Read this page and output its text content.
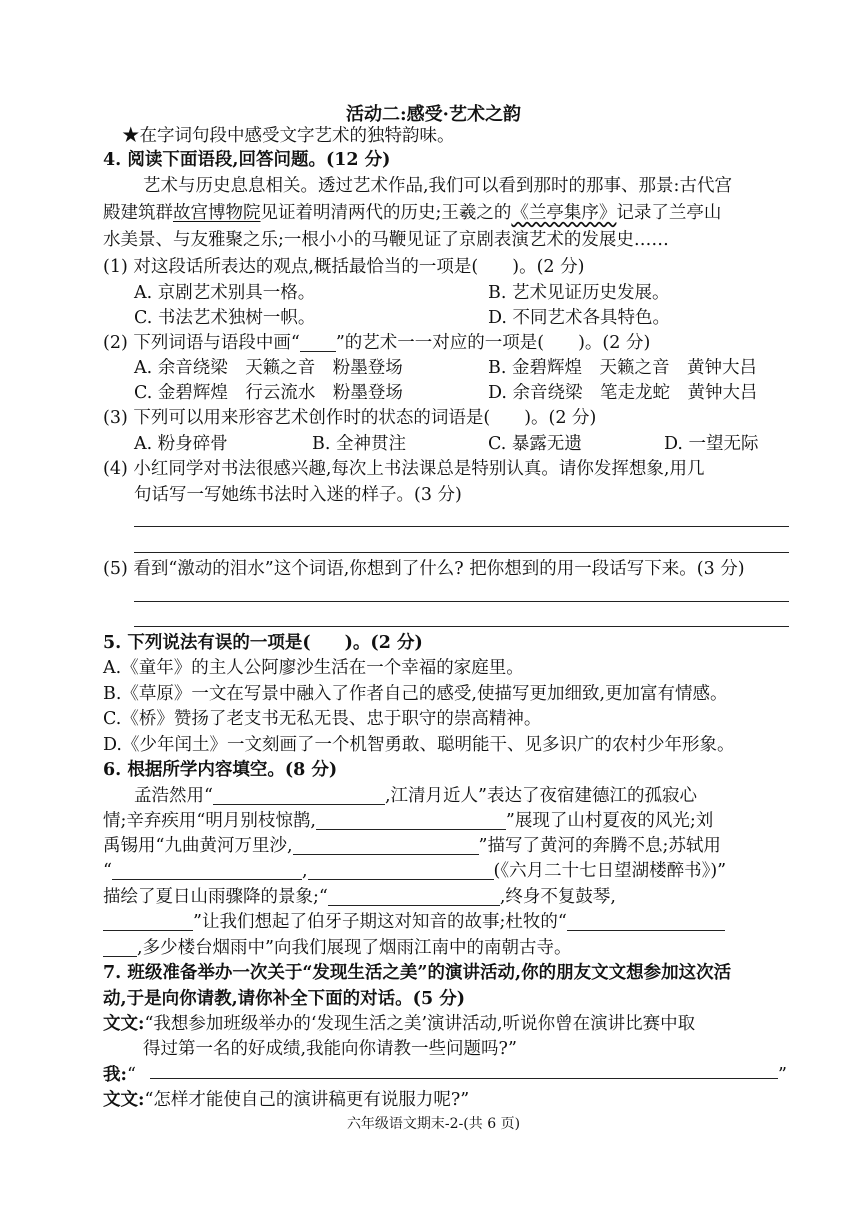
活动二:感受·艺术之韵
★在字词句段中感受文字艺术的独特韵味。
4. 阅读下面语段,回答问题。(12 分)
艺术与历史息息相关。透过艺术作品,我们可以看到那时的那事、那景:古代宫
殿建筑群故宫博物院见证着明清两代的历史;王羲之的《兰亭集序》记录了兰亭山
水美景、与友雅聚之乐;一根小小的马鞭见证了京剧表演艺术的发展史……
(1) 对这段话所表达的观点,概括最恰当的一项是( )。(2 分)
A. 京剧艺术别具一格。	B. 艺术见证历史发展。
C. 书法艺术独树一帜。	D. 不同艺术各具特色。
(2) 下列词语与语段中画“ ”的艺术一一对应的一项是( )。(2 分)
A. 余音绕梁　天籁之音　粉墨登场	B. 金碧辉煌　天籁之音　黄钟大吕
C. 金碧辉煌　行云流水　粉墨登场	D. 余音绕梁　笔走龙蛇　黄钟大吕
(3) 下列可以用来形容艺术创作时的状态的词语是( )。(2 分)
A. 粉身碎骨	B. 全神贯注	C. 暴露无遗	D. 一望无际
(4) 小红同学对书法很感兴趣,每次上书法课总是特别认真。请你发挥想象,用几
句话写一写她练书法时入迷的样子。(3 分)
(5) 看到“激动的泪水”这个词语,你想到了什么? 把你想到的用一段话写下来。(3 分)
5. 下列说法有误的一项是( )。(2 分)
A.《童年》的主人公阿廖沙生活在一个幸福的家庭里。
B.《草原》一文在写景中融入了作者自己的感受,使描写更加细致,更加富有情感。
C.《桥》赞扬了老支书无私无畏、忠于职守的崇高精神。
D.《少年闰土》一文刻画了一个机智勇敢、聪明能干、见多识广的农村少年形象。
6. 根据所学内容填空。(8 分)
孟浩然用“	,江清月近人”表达了夜宿建德江的孤寂心
情;辛弃疾用“明月别枝惊鹊,	”展现了山村夏夜的风光;刘
禹锡用“九曲黄河万里沙,	”描写了黄河的奔腾不息;苏轼用
“	,	(《六月二十七日望湖楼醉书》)”
描绘了夏日山雨骤降的景象;“	,终身不复鼓琴,
”让我们想起了伯牙子期这对知音的故事;杜牧的“
,多少楼台烟雨中”向我们展现了烟雨江南中的南朝古寺。
7. 班级准备举办一次关于“发现生活之美”的演讲活动,你的朋友文文想参加这次活
动,于是向你请教,请你补全下面的对话。(5 分)
文文:“我想参加班级举办的‘发现生活之美’演讲活动,听说你曾在演讲比赛中取
得过第一名的好成绩,我能向你请教一些问题吗?”
我:“	”
文文:“怎样才能使自己的演讲稿更有说服力呢?”
六年级语文期末-2-(共 6 页)
